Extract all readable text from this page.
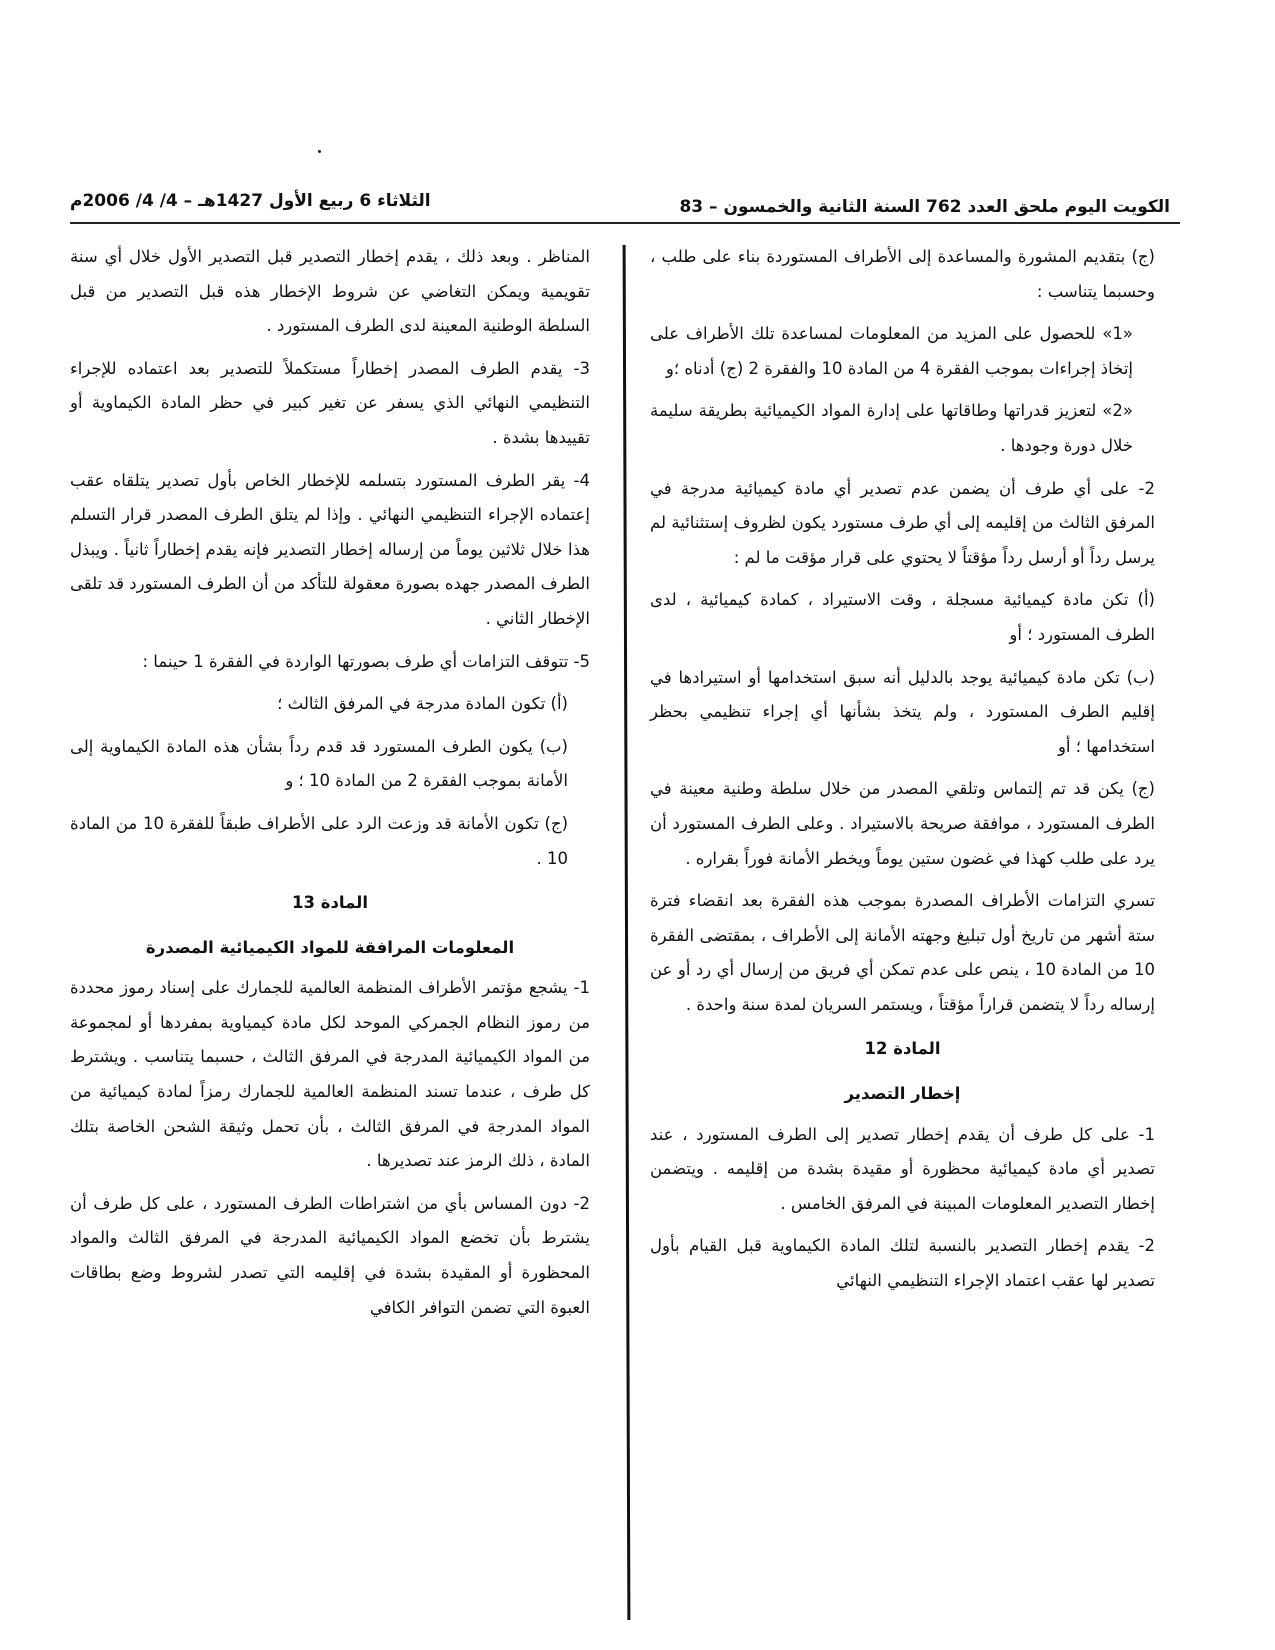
الكويت اليوم ملحق العدد 762 السنة الثانية والخمسون – 83
الثلاثاء 6 ربيع الأول 1427هـ – 4/ 4/ 2006م

(ج) بتقديم المشورة والمساعدة إلى الأطراف المستوردة بناء على طلب ، وحسبما يتناسب :

«1» للحصول على المزيد من المعلومات لمساعدة تلك الأطراف على إتخاذ إجراءات بموجب الفقرة 4 من المادة 10 والفقرة 2 (ج) أدناه ؛و

«2» لتعزيز قدراتها وطاقاتها على إدارة المواد الكيميائية بطريقة سليمة خلال دورة وجودها .

2- على أي طرف أن يضمن عدم تصدير أي مادة كيميائية مدرجة في المرفق الثالث من إقليمه إلى أي طرف مستورد يكون لظروف إستثنائية لم يرسل رداً أو أرسل رداً مؤقتاً لا يحتوي على قرار مؤقت ما لم :

(أ) تكن مادة كيميائية مسجلة ، وقت الاستيراد ، كمادة كيميائية ، لدى الطرف المستورد ؛ أو

(ب) تكن مادة كيميائية يوجد بالدليل أنه سبق استخدامها أو استيرادها في إقليم الطرف المستورد ، ولم يتخذ بشأنها أي إجراء تنظيمي بحظر استخدامها ؛ أو

(ج) يكن قد تم إلتماس وتلقي المصدر من خلال سلطة وطنية معينة في الطرف المستورد ، موافقة صريحة بالاستيراد . وعلى الطرف المستورد أن يرد على طلب كهذا في غضون ستين يوماً ويخطر الأمانة فوراً بقراره .

تسري التزامات الأطراف المصدرة بموجب هذه الفقرة بعد انقضاء فترة ستة أشهر من تاريخ أول تبليغ وجهته الأمانة إلى الأطراف ، بمقتضى الفقرة 10 من المادة 10 ، ينص على عدم تمكن أي فريق من إرسال أي رد أو عن إرساله رداً لا يتضمن قراراً مؤقتاً ، ويستمر السريان لمدة سنة واحدة .

المادة 12
إخطار التصدير

1- على كل طرف أن يقدم إخطار تصدير إلى الطرف المستورد ، عند تصدير أي مادة كيميائية محظورة أو مقيدة بشدة من إقليمه . ويتضمن إخطار التصدير المعلومات المبينة في المرفق الخامس .

2- يقدم إخطار التصدير بالنسبة لتلك المادة الكيماوية قبل القيام بأول تصدير لها عقب اعتماد الإجراء التنظيمي النهائي

المناظر . وبعد ذلك ، يقدم إخطار التصدير قبل التصدير الأول خلال أي سنة تقويمية ويمكن التغاضي عن شروط الإخطار هذه قبل التصدير من قبل السلطة الوطنية المعينة لدى الطرف المستورد .

3- يقدم الطرف المصدر إخطاراً مستكملاً للتصدير بعد اعتماده للإجراء التنظيمي النهائي الذي يسفر عن تغير كبير في حظر المادة الكيماوية أو تقييدها بشدة .

4- يقر الطرف المستورد بتسلمه للإخطار الخاص بأول تصدير يتلقاه عقب إعتماده الإجراء التنظيمي النهائي . وإذا لم يتلق الطرف المصدر قرار التسلم هذا خلال ثلاثين يوماً من إرساله إخطار التصدير فإنه يقدم إخطاراً ثانياً . ويبذل الطرف المصدر جهده بصورة معقولة للتأكد من أن الطرف المستورد قد تلقى الإخطار الثاني .

5- تتوقف التزامات أي طرف بصورتها الواردة في الفقرة 1 حينما :

(أ) تكون المادة مدرجة في المرفق الثالث ؛

(ب) يكون الطرف المستورد قد قدم رداً بشأن هذه المادة الكيماوية إلى الأمانة بموجب الفقرة 2 من المادة 10 ؛ و

(ج) تكون الأمانة قد وزعت الرد على الأطراف طبقاً للفقرة 10 من المادة 10 .

المادة 13
المعلومات المرافقة للمواد الكيميائية المصدرة

1- يشجع مؤتمر الأطراف المنظمة العالمية للجمارك على إسناد رموز محددة من رموز النظام الجمركي الموحد لكل مادة كيمياوية بمفردها أو لمجموعة من المواد الكيميائية المدرجة في المرفق الثالث ، حسبما يتناسب . ويشترط كل طرف ، عندما تسند المنظمة العالمية للجمارك رمزاً لمادة كيميائية من المواد المدرجة في المرفق الثالث ، بأن تحمل وثيقة الشحن الخاصة بتلك المادة ، ذلك الرمز عند تصديرها .

2- دون المساس بأي من اشتراطات الطرف المستورد ، على كل طرف أن يشترط بأن تخضع المواد الكيميائية المدرجة في المرفق الثالث والمواد المحظورة أو المقيدة بشدة في إقليمه التي تصدر لشروط وضع بطاقات العبوة التي تضمن التوافر الكافي
